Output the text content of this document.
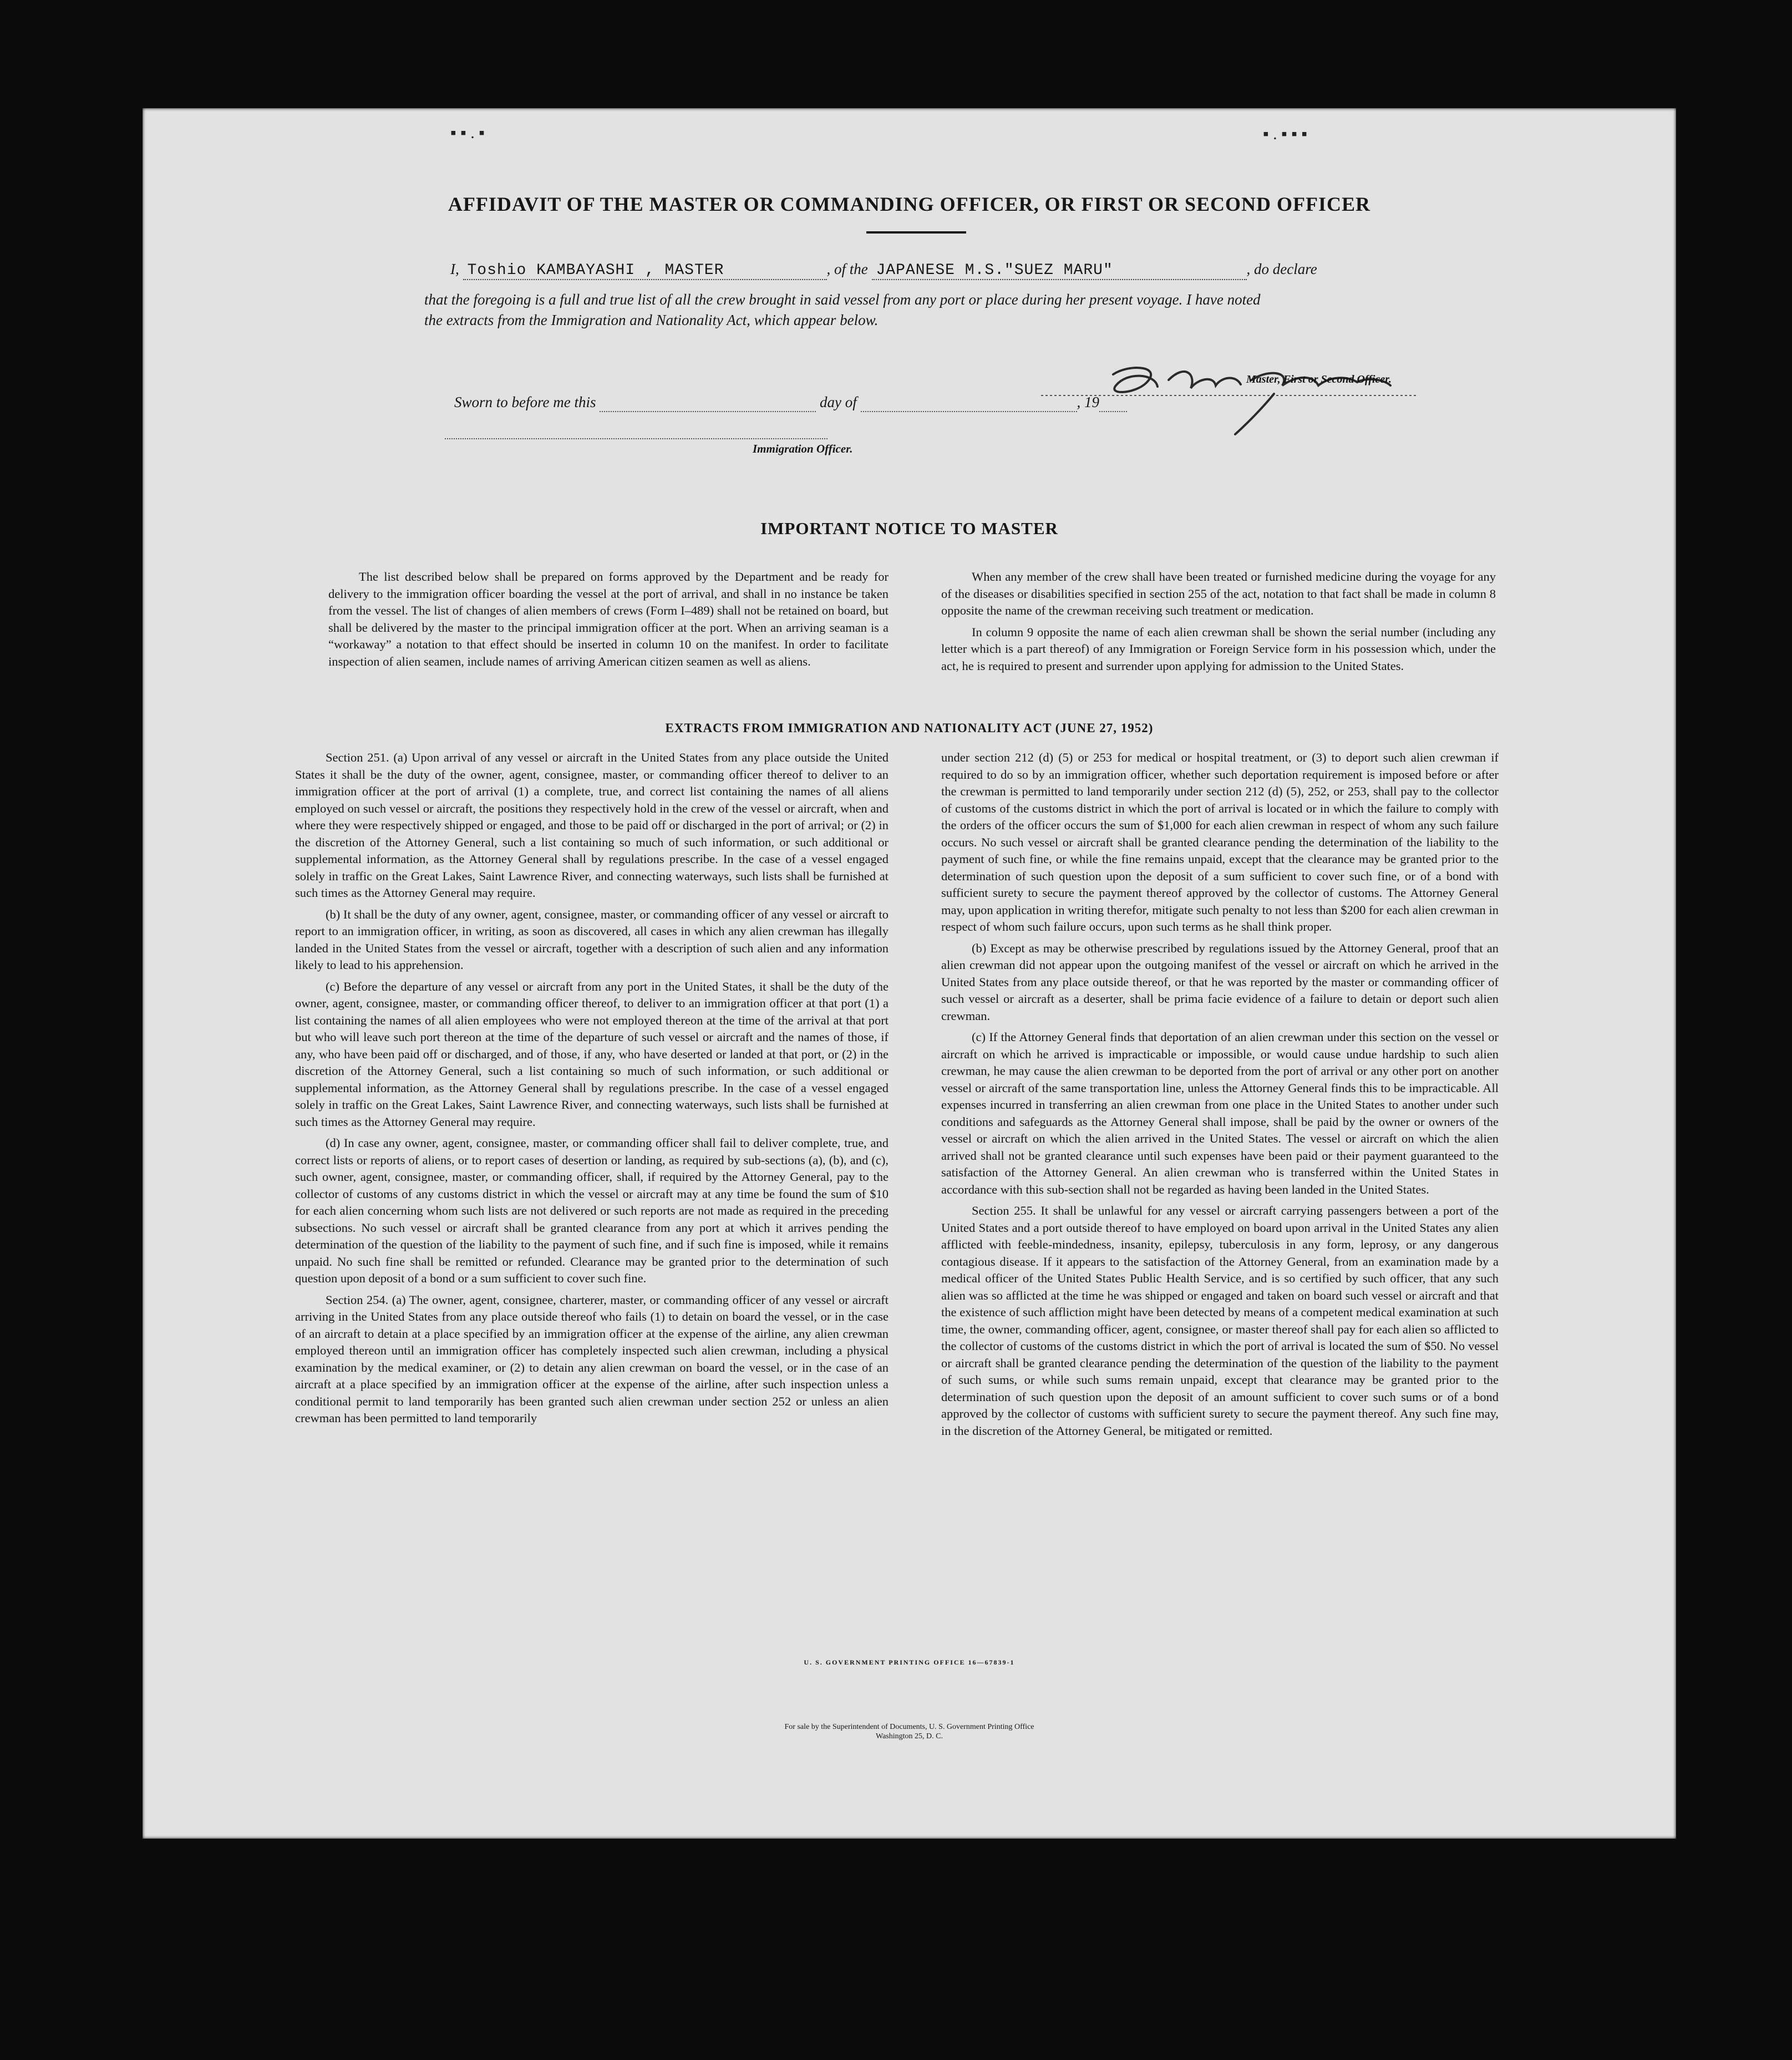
▪ ▪ . ▪	▪ . ▪ ▪ ▪
AFFIDAVIT OF THE MASTER OR COMMANDING OFFICER, OR FIRST OR SECOND OFFICER
I, Toshio KAMBAYASHI , MASTER	, of the JAPANESE M.S."SUEZ MARU"	, do declare
that the foregoing is a full and true list of all the crew brought in said vessel from any port or place during her present voyage. I have noted
the extracts from the Immigration and Nationality Act, which appear below.
Master, First or Second Officer.
Sworn to before me this	day of	, 19
Immigration Officer.
IMPORTANT NOTICE TO MASTER

The list described below shall be prepared on forms approved by the Department and be ready for delivery to the immigration officer boarding the vessel at the port of arrival, and shall in no instance be taken from the vessel. The list of changes of alien members of crews (Form I–489) shall not be retained on board, but shall be delivered by the master to the principal immigration officer at the port. When an arriving seaman is a “workaway” a notation to that effect should be inserted in column 10 on the manifest. In order to facilitate inspection of alien seamen, include names of arriving American citizen seamen as well as aliens.

When any member of the crew shall have been treated or furnished medicine during the voyage for any of the diseases or disabilities specified in section 255 of the act, notation to that fact shall be made in column 8 opposite the name of the crewman receiving such treatment or medication.

In column 9 opposite the name of each alien crewman shall be shown the serial number (including any letter which is a part thereof) of any Immigration or Foreign Service form in his possession which, under the act, he is required to present and surrender upon applying for admission to the United States.

EXTRACTS FROM IMMIGRATION AND NATIONALITY ACT (JUNE 27, 1952)

Section 251. (a) Upon arrival of any vessel or aircraft in the United States from any place outside the United States it shall be the duty of the owner, agent, consignee, master, or commanding officer thereof to deliver to an immigration officer at the port of arrival (1) a complete, true, and correct list containing the names of all aliens employed on such vessel or aircraft, the positions they respectively hold in the crew of the vessel or aircraft, when and where they were respectively shipped or engaged, and those to be paid off or discharged in the port of arrival; or (2) in the discretion of the Attorney General, such a list containing so much of such information, or such additional or supplemental information, as the Attorney General shall by regulations prescribe. In the case of a vessel engaged solely in traffic on the Great Lakes, Saint Lawrence River, and connecting waterways, such lists shall be furnished at such times as the Attorney General may require.

(b) It shall be the duty of any owner, agent, consignee, master, or commanding officer of any vessel or aircraft to report to an immigration officer, in writing, as soon as discovered, all cases in which any alien crewman has illegally landed in the United States from the vessel or aircraft, together with a description of such alien and any information likely to lead to his apprehension.

(c) Before the departure of any vessel or aircraft from any port in the United States, it shall be the duty of the owner, agent, consignee, master, or commanding officer thereof, to deliver to an immigration officer at that port (1) a list containing the names of all alien employees who were not employed thereon at the time of the arrival at that port but who will leave such port thereon at the time of the departure of such vessel or aircraft and the names of those, if any, who have been paid off or discharged, and of those, if any, who have deserted or landed at that port, or (2) in the discretion of the Attorney General, such a list containing so much of such information, or such additional or supplemental information, as the Attorney General shall by regulations prescribe. In the case of a vessel engaged solely in traffic on the Great Lakes, Saint Lawrence River, and connecting waterways, such lists shall be furnished at such times as the Attorney General may require.

(d) In case any owner, agent, consignee, master, or commanding officer shall fail to deliver complete, true, and correct lists or reports of aliens, or to report cases of desertion or landing, as required by sub-sections (a), (b), and (c), such owner, agent, consignee, master, or commanding officer, shall, if required by the Attorney General, pay to the collector of customs of any customs district in which the vessel or aircraft may at any time be found the sum of $10 for each alien concerning whom such lists are not delivered or such reports are not made as required in the preceding subsections. No such vessel or aircraft shall be granted clearance from any port at which it arrives pending the determination of the question of the liability to the payment of such fine, and if such fine is imposed, while it remains unpaid. No such fine shall be remitted or refunded. Clearance may be granted prior to the determination of such question upon deposit of a bond or a sum sufficient to cover such fine.

Section 254. (a) The owner, agent, consignee, charterer, master, or commanding officer of any vessel or aircraft arriving in the United States from any place outside thereof who fails (1) to detain on board the vessel, or in the case of an aircraft to detain at a place specified by an immigration officer at the expense of the airline, any alien crewman employed thereon until an immigration officer has completely inspected such alien crewman, including a physical examination by the medical examiner, or (2) to detain any alien crewman on board the vessel, or in the case of an aircraft at a place specified by an immigration officer at the expense of the airline, after such inspection unless a conditional permit to land temporarily has been granted such alien crewman under section 252 or unless an alien crewman has been permitted to land temporarily

under section 212 (d) (5) or 253 for medical or hospital treatment, or (3) to deport such alien crewman if required to do so by an immigration officer, whether such deportation requirement is imposed before or after the crewman is permitted to land temporarily under section 212 (d) (5), 252, or 253, shall pay to the collector of customs of the customs district in which the port of arrival is located or in which the failure to comply with the orders of the officer occurs the sum of $1,000 for each alien crewman in respect of whom any such failure occurs. No such vessel or aircraft shall be granted clearance pending the determination of the liability to the payment of such fine, or while the fine remains unpaid, except that the clearance may be granted prior to the determination of such question upon the deposit of a sum sufficient to cover such fine, or of a bond with sufficient surety to secure the payment thereof approved by the collector of customs. The Attorney General may, upon application in writing therefor, mitigate such penalty to not less than $200 for each alien crewman in respect of whom such failure occurs, upon such terms as he shall think proper.

(b) Except as may be otherwise prescribed by regulations issued by the Attorney General, proof that an alien crewman did not appear upon the outgoing manifest of the vessel or aircraft on which he arrived in the United States from any place outside thereof, or that he was reported by the master or commanding officer of such vessel or aircraft as a deserter, shall be prima facie evidence of a failure to detain or deport such alien crewman.

(c) If the Attorney General finds that deportation of an alien crewman under this section on the vessel or aircraft on which he arrived is impracticable or impossible, or would cause undue hardship to such alien crewman, he may cause the alien crewman to be deported from the port of arrival or any other port on another vessel or aircraft of the same transportation line, unless the Attorney General finds this to be impracticable. All expenses incurred in transferring an alien crewman from one place in the United States to another under such conditions and safeguards as the Attorney General shall impose, shall be paid by the owner or owners of the vessel or aircraft on which the alien arrived in the United States. The vessel or aircraft on which the alien arrived shall not be granted clearance until such expenses have been paid or their payment guaranteed to the satisfaction of the Attorney General. An alien crewman who is transferred within the United States in accordance with this sub-section shall not be regarded as having been landed in the United States.

Section 255. It shall be unlawful for any vessel or aircraft carrying passengers between a port of the United States and a port outside thereof to have employed on board upon arrival in the United States any alien afflicted with feeble-mindedness, insanity, epilepsy, tuberculosis in any form, leprosy, or any dangerous contagious disease. If it appears to the satisfaction of the Attorney General, from an examination made by a medical officer of the United States Public Health Service, and is so certified by such officer, that any such alien was so afflicted at the time he was shipped or engaged and taken on board such vessel or aircraft and that the existence of such affliction might have been detected by means of a competent medical examination at such time, the owner, commanding officer, agent, consignee, or master thereof shall pay for each alien so afflicted to the collector of customs of the customs district in which the port of arrival is located the sum of $50. No vessel or aircraft shall be granted clearance pending the determination of the question of the liability to the payment of such sums, or while such sums remain unpaid, except that clearance may be granted prior to the determination of such question upon the deposit of an amount sufficient to cover such sums or of a bond approved by the collector of customs with sufficient surety to secure the payment thereof. Any such fine may, in the discretion of the Attorney General, be mitigated or remitted.

U. S. GOVERNMENT PRINTING OFFICE 16—67839-1
For sale by the Superintendent of Documents, U. S. Government Printing Office
Washington 25, D. C.
